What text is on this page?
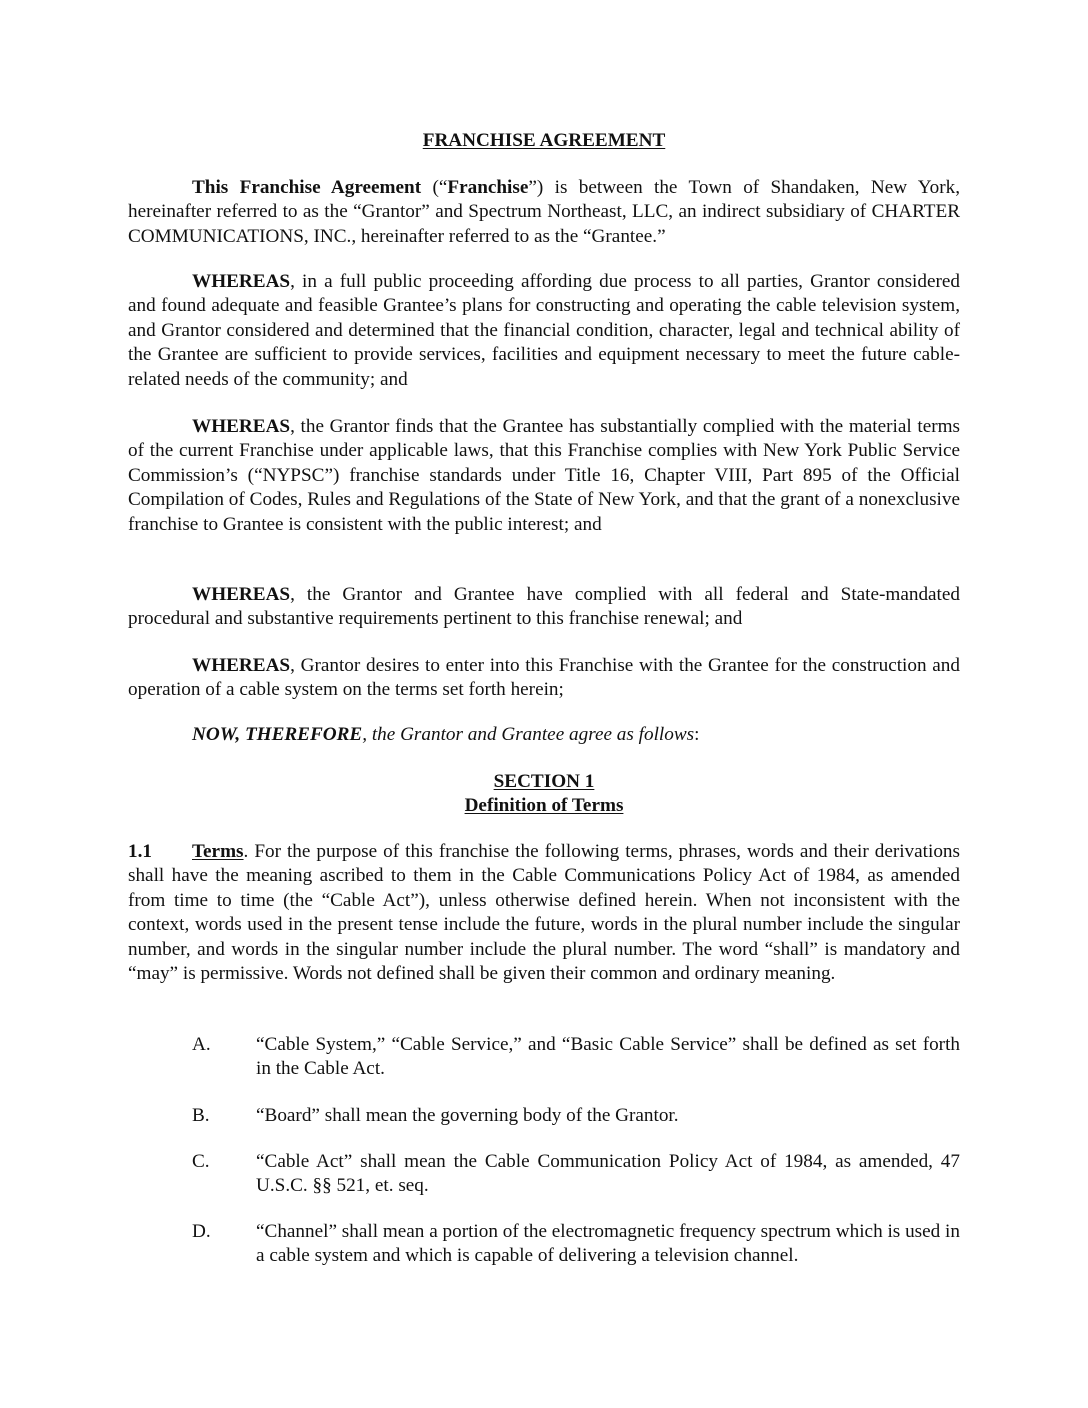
FRANCHISE AGREEMENT

This Franchise Agreement (“Franchise”) is between the Town of Shandaken, New York, hereinafter referred to as the “Grantor” and Spectrum Northeast, LLC, an indirect subsidiary of CHARTER COMMUNICATIONS, INC., hereinafter referred to as the “Grantee.”

WHEREAS, in a full public proceeding affording due process to all parties, Grantor considered and found adequate and feasible Grantee’s plans for constructing and operating the cable television system, and Grantor considered and determined that the financial condition, character, legal and technical ability of the Grantee are sufficient to provide services, facilities and equipment necessary to meet the future cable-related needs of the community; and

WHEREAS, the Grantor finds that the Grantee has substantially complied with the material terms of the current Franchise under applicable laws, that this Franchise complies with New York Public Service Commission’s (“NYPSC”) franchise standards under Title 16, Chapter VIII, Part 895 of the Official Compilation of Codes, Rules and Regulations of the State of New York, and that the grant of a nonexclusive franchise to Grantee is consistent with the public interest; and

WHEREAS, the Grantor and Grantee have complied with all federal and State-mandated procedural and substantive requirements pertinent to this franchise renewal; and

WHEREAS, Grantor desires to enter into this Franchise with the Grantee for the construction and operation of a cable system on the terms set forth herein;

NOW, THEREFORE, the Grantor and Grantee agree as follows:

SECTION 1
Definition of Terms

1.1 Terms. For the purpose of this franchise the following terms, phrases, words and their derivations shall have the meaning ascribed to them in the Cable Communications Policy Act of 1984, as amended from time to time (the “Cable Act”), unless otherwise defined herein. When not inconsistent with the context, words used in the present tense include the future, words in the plural number include the singular number, and words in the singular number include the plural number. The word “shall” is mandatory and “may” is permissive. Words not defined shall be given their common and ordinary meaning.

A.	“Cable System,” “Cable Service,” and “Basic Cable Service” shall be defined as set forth in the Cable Act.
B.	“Board” shall mean the governing body of the Grantor.
C.	“Cable Act” shall mean the Cable Communication Policy Act of 1984, as amended, 47 U.S.C. §§ 521, et. seq.
D.	“Channel” shall mean a portion of the electromagnetic frequency spectrum which is used in a cable system and which is capable of delivering a television channel.
